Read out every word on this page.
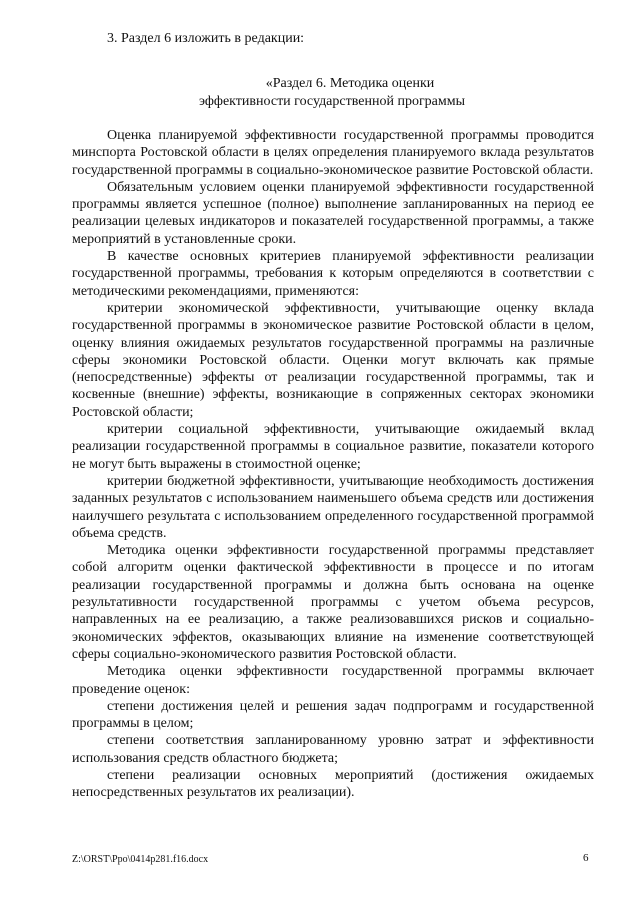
3. Раздел 6 изложить в редакции:

«Раздел 6. Методика оценки
эффективности государственной программы

Оценка планируемой эффективности государственной программы проводится минспорта Ростовской области в целях определения планируемого вклада результатов государственной программы в социально-экономическое развитие Ростовской области.

Обязательным условием оценки планируемой эффективности государственной программы является успешное (полное) выполнение запланированных на период ее реализации целевых индикаторов и показателей государственной программы, а также мероприятий в установленные сроки.

В качестве основных критериев планируемой эффективности реализации государственной программы, требования к которым определяются в соответствии с методическими рекомендациями, применяются:

критерии экономической эффективности, учитывающие оценку вклада государственной программы в экономическое развитие Ростовской области в целом, оценку влияния ожидаемых результатов государственной программы на различные сферы экономики Ростовской области. Оценки могут включать как прямые (непосредственные) эффекты от реализации государственной программы, так и косвенные (внешние) эффекты, возникающие в сопряженных секторах экономики Ростовской области;

критерии социальной эффективности, учитывающие ожидаемый вклад реализации государственной программы в социальное развитие, показатели которого не могут быть выражены в стоимостной оценке;

критерии бюджетной эффективности, учитывающие необходимость достижения заданных результатов с использованием наименьшего объема средств или достижения наилучшего результата с использованием определенного государственной программой объема средств.

Методика оценки эффективности государственной программы представляет собой алгоритм оценки фактической эффективности в процессе и по итогам реализации государственной программы и должна быть основана на оценке результативности государственной программы с учетом объема ресурсов, направленных на ее реализацию, а также реализовавшихся рисков и социально-экономических эффектов, оказывающих влияние на изменение соответствующей сферы социально-экономического развития Ростовской области.

Методика оценки эффективности государственной программы включает проведение оценок:

степени достижения целей и решения задач подпрограмм и государственной программы в целом;

степени соответствия запланированному уровню затрат и эффективности использования средств областного бюджета;

степени реализации основных мероприятий (достижения ожидаемых непосредственных результатов их реализации).

Z:\ORST\Ppo\0414p281.f16.docx	6
